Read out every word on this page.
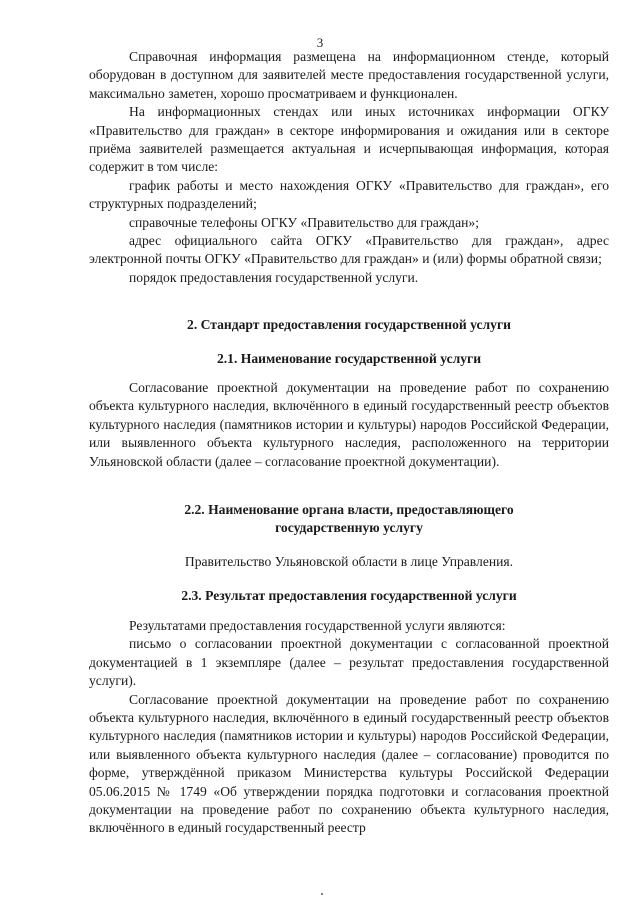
3

Справочная информация размещена на информационном стенде, который оборудован в доступном для заявителей месте предоставления государственной услуги, максимально заметен, хорошо просматриваем и функционален.

На информационных стендах или иных источниках информации ОГКУ «Правительство для граждан» в секторе информирования и ожидания или в секторе приёма заявителей размещается актуальная и исчерпывающая информация, которая содержит в том числе:

график работы и место нахождения ОГКУ «Правительство для граждан», его структурных подразделений;

справочные телефоны ОГКУ «Правительство для граждан»;

адрес официального сайта ОГКУ «Правительство для граждан», адрес электронной почты ОГКУ «Правительство для граждан» и (или) формы обратной связи;

порядок предоставления государственной услуги.

2. Стандарт предоставления государственной услуги

2.1. Наименование государственной услуги

Согласование проектной документации на проведение работ по сохранению объекта культурного наследия, включённого в единый государственный реестр объектов культурного наследия (памятников истории и культуры) народов Российской Федерации, или выявленного объекта культурного наследия, расположенного на территории Ульяновской области (далее – согласование проектной документации).

2.2. Наименование органа власти, предоставляющего

государственную услугу

Правительство Ульяновской области в лице Управления.

2.3. Результат предоставления государственной услуги

Результатами предоставления государственной услуги являются:

письмо о согласовании проектной документации с согласованной проектной документацией в 1 экземпляре (далее – результат предоставления государственной услуги).

Согласование проектной документации на проведение работ по сохранению объекта культурного наследия, включённого в единый государственный реестр объектов культурного наследия (памятников истории и культуры) народов Российской Федерации, или выявленного объекта культурного наследия (далее – согласование) проводится по форме, утверждённой приказом Министерства культуры Российской Федерации 05.06.2015 № 1749 «Об утверждении порядка подготовки и согласования проектной документации на проведение работ по сохранению объекта культурного наследия, включённого в единый государственный реестр
